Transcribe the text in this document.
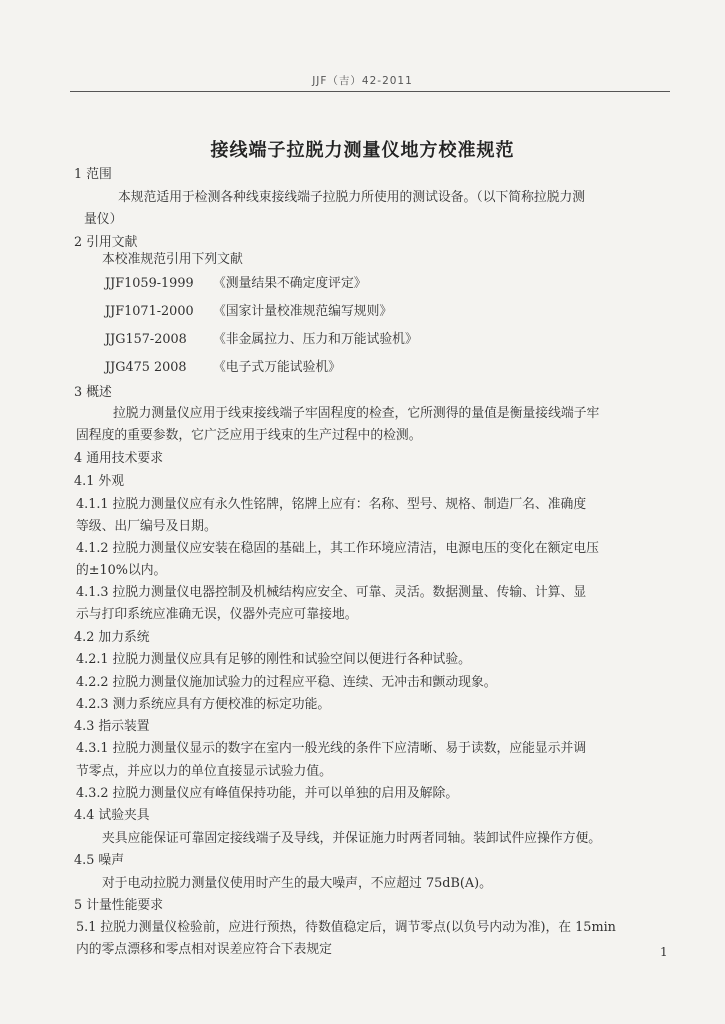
JJF（吉）42-2011
接线端子拉脱力测量仪地方校准规范
1 范围
本规范适用于检测各种线束接线端子拉脱力所使用的测试设备。（以下简称拉脱力测
量仪）
2 引用文献
本校准规范引用下列文献
JJF1059-1999 《测量结果不确定度评定》
JJF1071-2000 《国家计量校准规范编写规则》
JJG157-2008 《非金属拉力、压力和万能试验机》
JJG475 2008 《电子式万能试验机》
3 概述
拉脱力测量仪应用于线束接线端子牢固程度的检查，它所测得的量值是衡量接线端子牢
固程度的重要参数，它广泛应用于线束的生产过程中的检测。
4 通用技术要求
4.1 外观
4.1.1 拉脱力测量仪应有永久性铭牌，铭牌上应有：名称、型号、规格、制造厂名、准确度
等级、出厂编号及日期。
4.1.2 拉脱力测量仪应安装在稳固的基础上，其工作环境应清洁，电源电压的变化在额定电压
的±10%以内。
4.1.3 拉脱力测量仪电器控制及机械结构应安全、可靠、灵活。数据测量、传输、计算、显
示与打印系统应准确无误，仪器外壳应可靠接地。
4.2 加力系统
4.2.1 拉脱力测量仪应具有足够的刚性和试验空间以便进行各种试验。
4.2.2 拉脱力测量仪施加试验力的过程应平稳、连续、无冲击和颤动现象。
4.2.3 测力系统应具有方便校准的标定功能。
4.3 指示装置
4.3.1 拉脱力测量仪显示的数字在室内一般光线的条件下应清晰、易于读数，应能显示并调
节零点，并应以力的单位直接显示试验力值。
4.3.2 拉脱力测量仪应有峰值保持功能，并可以单独的启用及解除。
4.4 试验夹具
夹具应能保证可靠固定接线端子及导线，并保证施力时两者同轴。装卸试件应操作方便。
4.5 噪声
对于电动拉脱力测量仪使用时产生的最大噪声，不应超过 75dB(A)。
5 计量性能要求
5.1 拉脱力测量仪检验前，应进行预热，待数值稳定后，调节零点(以负号内动为准)，在 15min
内的零点漂移和零点相对误差应符合下表规定	1
